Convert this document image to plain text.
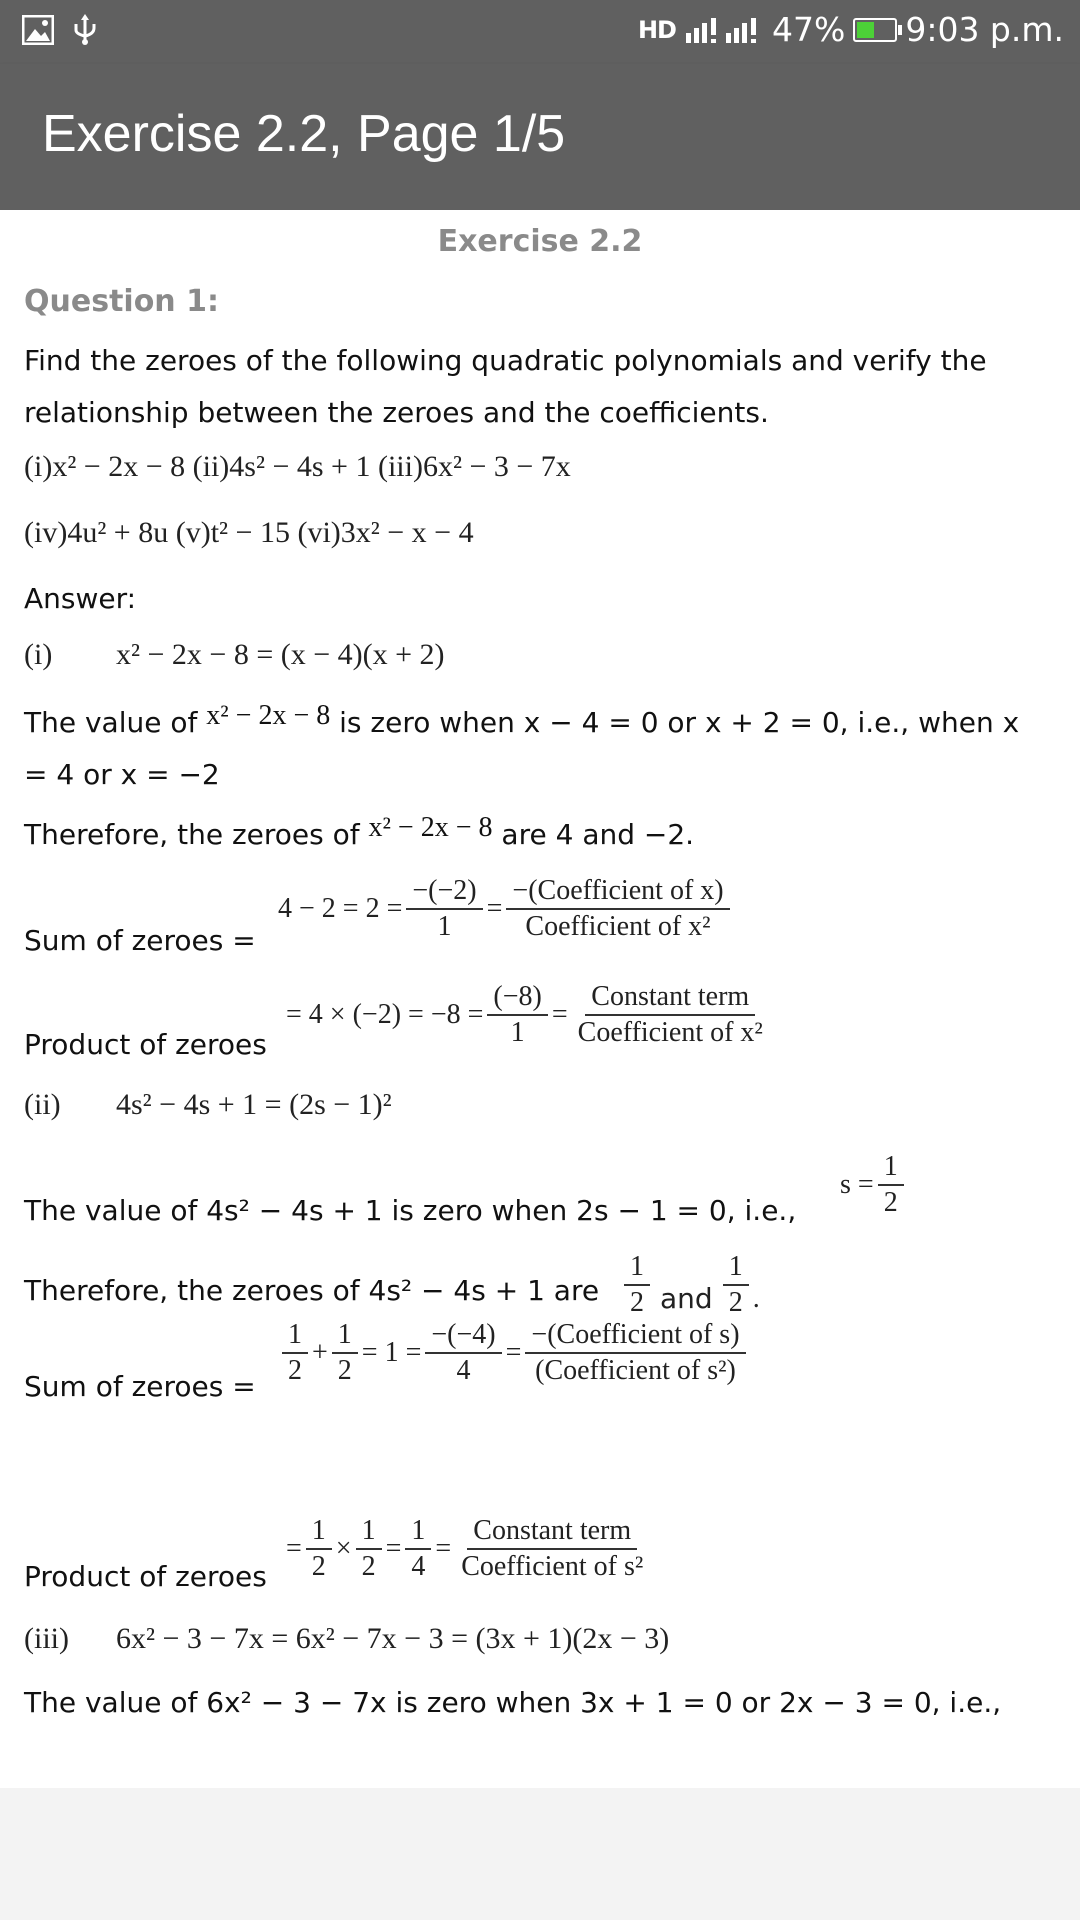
HD	47% 9:03 p.m.
Exercise 2.2, Page 1/5
Exercise 2.2
Question 1:
Find the zeroes of the following quadratic polynomials and verify the
relationship between the zeroes and the coefficients.
(i)x² − 2x − 8 (ii)4s² − 4s + 1 (iii)6x² − 3 − 7x
(iv)4u² + 8u (v)t² − 15 (vi)3x² − x − 4
Answer:
(i) x² − 2x − 8 = (x − 4)(x + 2)
The value of x² − 2x − 8 is zero when x − 4 = 0 or x + 2 = 0, i.e., when x
= 4 or x = −2
Therefore, the zeroes of x² − 2x − 8 are 4 and −2.
Sum of zeroes =
$4 - 2 = 2 = \frac{-(-2)}{1} = \frac{\text{−(Coefficient of x)}}{\text{Coefficient of x²}}$
Product of zeroes
= $4 \times (-2) = -8 = \frac{(-8)}{1} = \frac{\text{Constant term}}{\text{Coefficient of x²}}$
(ii) 4s² − 4s + 1 = (2s − 1)²
The value of 4s² − 4s + 1 is zero when 2s − 1 = 0, i.e.,
$s = \frac{1}{2}$
Therefore, the zeroes of 4s² − 4s + 1 are $\frac{1}{2}$ and $\frac{1}{2}$ .
Sum of zeroes = $\frac{1}{2} + \frac{1}{2} = 1 = \frac{-(-4)}{4} = \frac{\text{−(Coefficient of s)}}{\text{(Coefficient of s²)}}$
Product of zeroes
= $\frac{1}{2} \times \frac{1}{2} = \frac{1}{4} = \frac{\text{Constant term}}{\text{Coefficient of s²}}$
(iii) 6x² − 3 − 7x = 6x² − 7x − 3 = (3x + 1)(2x − 3)
The value of 6x² − 3 − 7x is zero when 3x + 1 = 0 or 2x − 3 = 0, i.e.,
